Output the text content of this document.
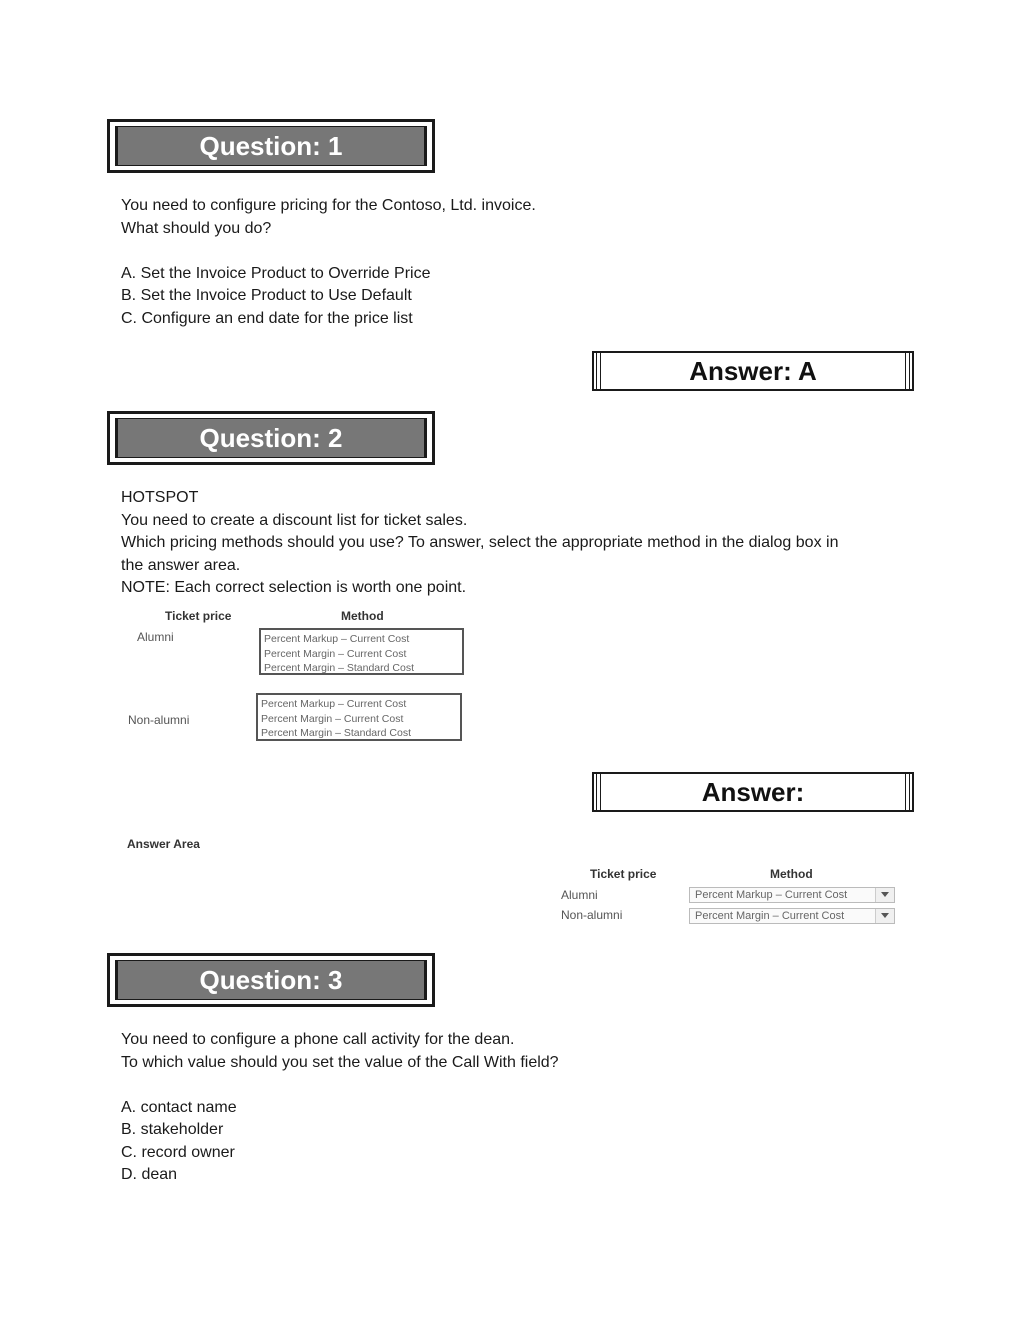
Question: 1
You need to configure pricing for the Contoso, Ltd. invoice.
What should you do?
A. Set the Invoice Product to Override Price
B. Set the Invoice Product to Use Default
C. Configure an end date for the price list
Answer: A
Question: 2
HOTSPOT
You need to create a discount list for ticket sales.
Which pricing methods should you use? To answer, select the appropriate method in the dialog box in
the answer area.
NOTE: Each correct selection is worth one point.
Ticket price	Method
Alumni	Percent Markup – Current Cost
Percent Margin – Current Cost
Percent Margin – Standard Cost
Non-alumni
Percent Markup – Current Cost
Percent Margin – Current Cost
Percent Margin – Standard Cost
Answer:
Answer Area
Ticket price	Method
Alumni	Percent Markup – Current Cost
Non-alumni	Percent Margin – Current Cost
Question: 3
You need to configure a phone call activity for the dean.
To which value should you set the value of the Call With field?
A. contact name
B. stakeholder
C. record owner
D. dean
